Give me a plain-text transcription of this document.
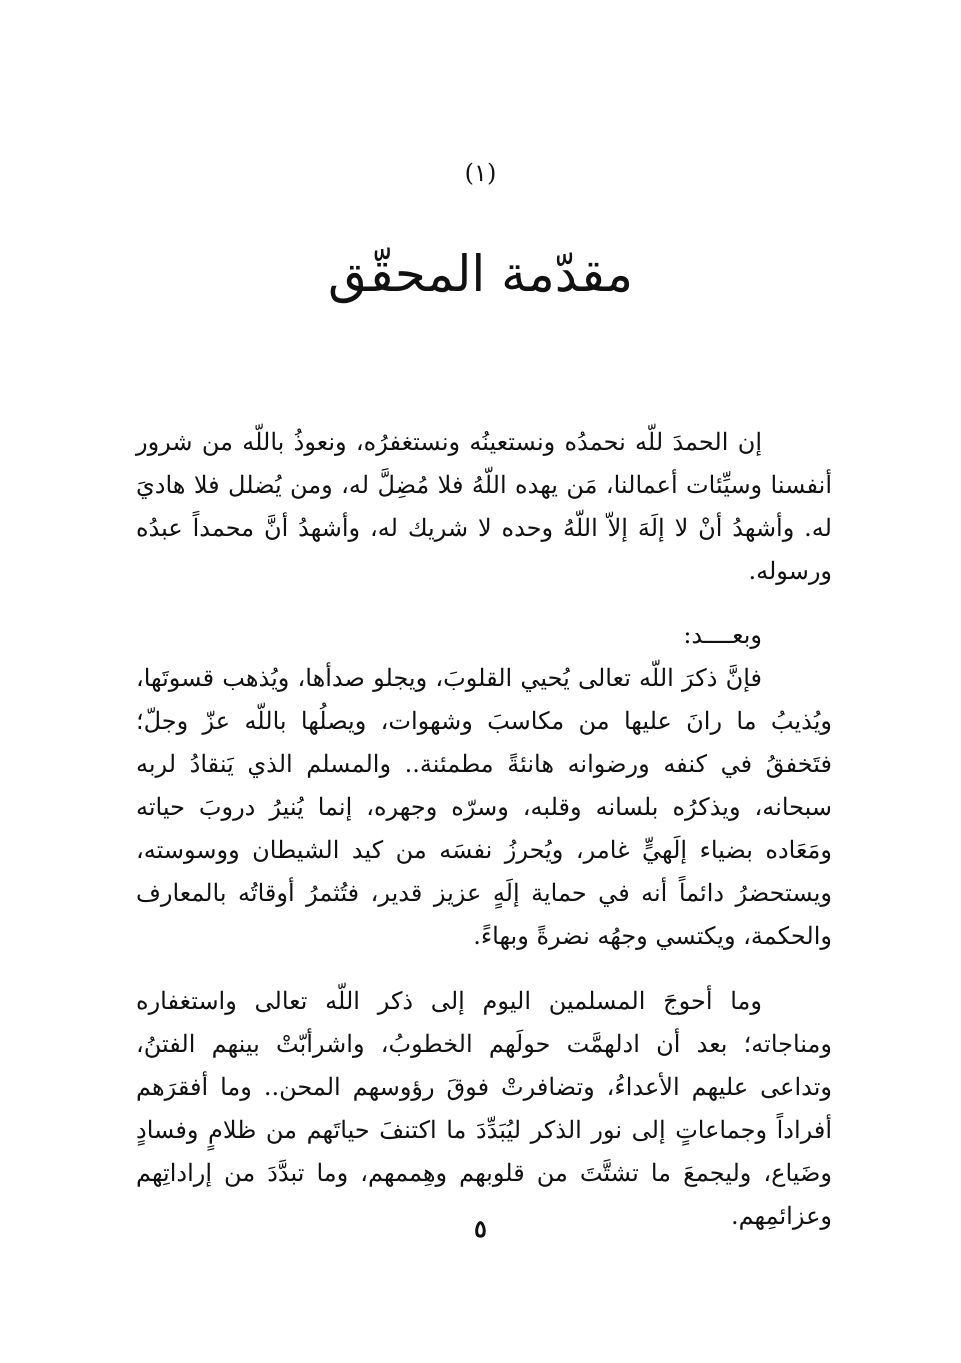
(١)
مقدّمة المحقّق

إن الحمدَ للّه نحمدُه ونستعينُه ونستغفرُه، ونعوذُ باللّه من شرور أنفسنا وسيِّئات أعمالنا، مَن يهده اللّهُ فلا مُضِلَّ له، ومن يُضلل فلا هاديَ له. وأشهدُ أنْ لا إلَهَ إلاّ اللّهُ وحده لا شريك له، وأشهدُ أنَّ محمداً عبدُه ورسوله.

وبعــــد:

فإنَّ ذكرَ اللّه تعالى يُحيي القلوبَ، ويجلو صدأها، ويُذهب قسوتَها، ويُذيبُ ما رانَ عليها من مكاسبَ وشهوات، ويصلُها باللّه عزّ وجلّ؛ فتَخفقُ في كنفه ورضوانه هانئةً مطمئنة.. والمسلم الذي يَنقادُ لربه سبحانه، ويذكرُه بلسانه وقلبه، وسرّه وجهره، إنما يُنيرُ دروبَ حياته ومَعَاده بضياء إلَهيٍّ غامر، ويُحرزُ نفسَه من كيد الشيطان ووسوسته، ويستحضرُ دائماً أنه في حماية إلَهٍ عزيز قدير، فتُثمرُ أوقاتُه بالمعارف والحكمة، ويكتسي وجهُه نضرةً وبهاءً.

وما أحوجَ المسلمين اليوم إلى ذكر اللّه تعالى واستغفاره ومناجاته؛ بعد أن ادلهمَّت حولَهم الخطوبُ، واشرأبّتْ بينهم الفتنُ، وتداعى عليهم الأعداءُ، وتضافرتْ فوقَ رؤوسهم المحن.. وما أفقرَهم أفراداً وجماعاتٍ إلى نور الذكر ليُبَدِّدَ ما اكتنفَ حياتَهم من ظلامٍ وفسادٍ وضَياع، وليجمعَ ما تشتَّتَ من قلوبهم وهِممهم، وما تبدَّدَ من إراداتِهم وعزائمِهم.

٥
